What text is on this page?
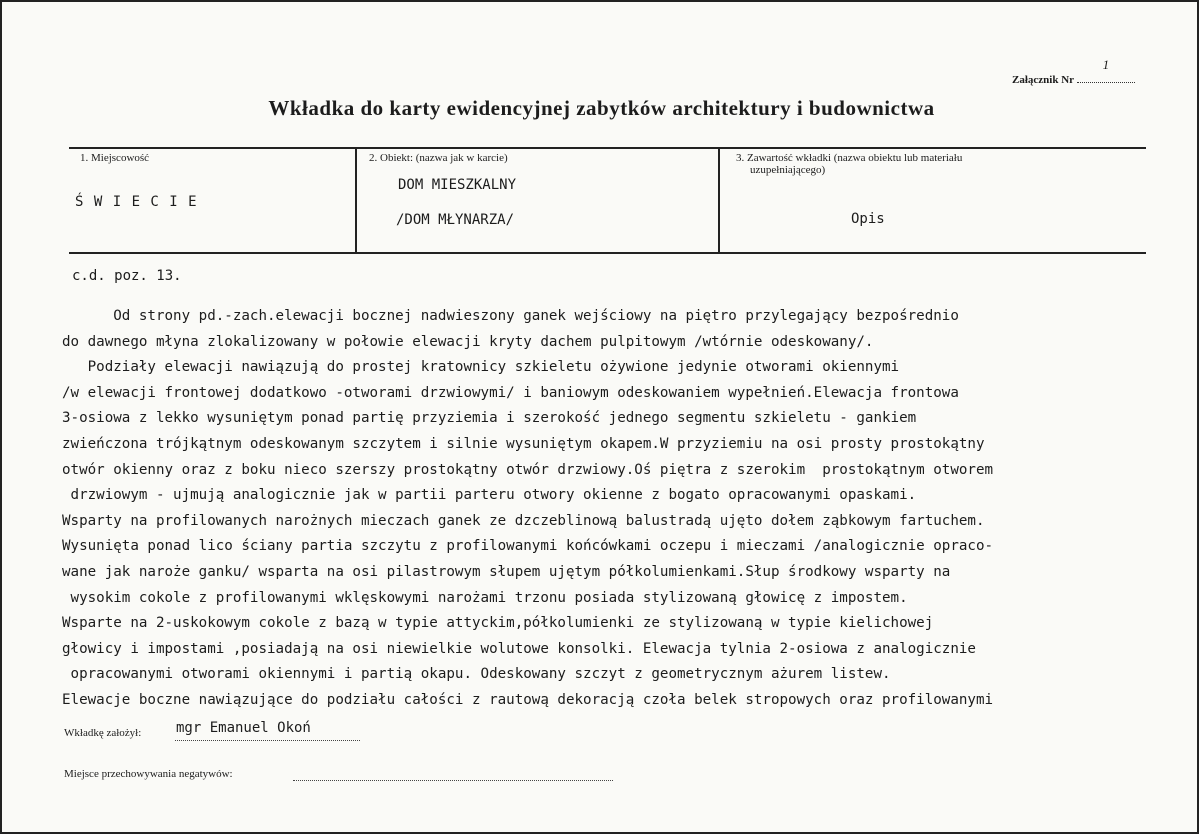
Załącznik Nr
1
Wkładka do karty ewidencyjnej zabytków architektury i budownictwa
1. Miejscowość
Ś W I E C I E
2. Obiekt: (nazwa jak w karcie)
DOM MIESZKALNY
/DOM MŁYNARZA/
3. Zawartość wkładki (nazwa obiektu lub materiału
uzupełniającego)
Opis
c.d. poz. 13.
Od strony pd.-zach.elewacji bocznej nadwieszony ganek wejściowy na piętro przylegający bezpośrednio
do dawnego młyna zlokalizowany w połowie elewacji kryty dachem pulpitowym /wtórnie odeskowany/.
Podziały elewacji nawiązują do prostej kratownicy szkieletu ożywione jedynie otworami okiennymi
/w elewacji frontowej dodatkowo -otworami drzwiowymi/ i baniowym odeskowaniem wypełnień.Elewacja frontowa
3-osiowa z lekko wysuniętym ponad partię przyziemia i szerokość jednego segmentu szkieletu - gankiem
zwieńczona trójkątnym odeskowanym szczytem i silnie wysuniętym okapem.W przyziemiu na osi prosty prostokątny
otwór okienny oraz z boku nieco szerszy prostokątny otwór drzwiowy.Oś piętra z szerokim  prostokątnym otworem
drzwiowym - ujmują analogicznie jak w partii parteru otwory okienne z bogato opracowanymi opaskami.
Wsparty na profilowanych narożnych mieczach ganek ze dzczeblinową balustradą ujęto dołem ząbkowym fartuchem.
Wysunięta ponad lico ściany partia szczytu z profilowanymi końcówkami oczepu i mieczami /analogicznie opraco-
wane jak naroże ganku/ wsparta na osi pilastrowym słupem ujętym półkolumienkami.Słup środkowy wsparty na
wysokim cokole z profilowanymi wklęskowymi narożami trzonu posiada stylizowaną głowicę z impostem.
Wsparte na 2-uskokowym cokole z bazą w typie attyckim,półkolumienki ze stylizowaną w typie kielichowej
głowicy i impostami ,posiadają na osi niewielkie wolutowe konsolki. Elewacja tylnia 2-osiowa z analogicznie
opracowanymi otworami okiennymi i partią okapu. Odeskowany szczyt z geometrycznym ażurem listew.
Elewacje boczne nawiązujące do podziału całości z rautową dekoracją czoła belek stropowych oraz profilowanymi
Wkładkę założył: mgr Emanuel Okoń
Miejsce przechowywania negatywów:
